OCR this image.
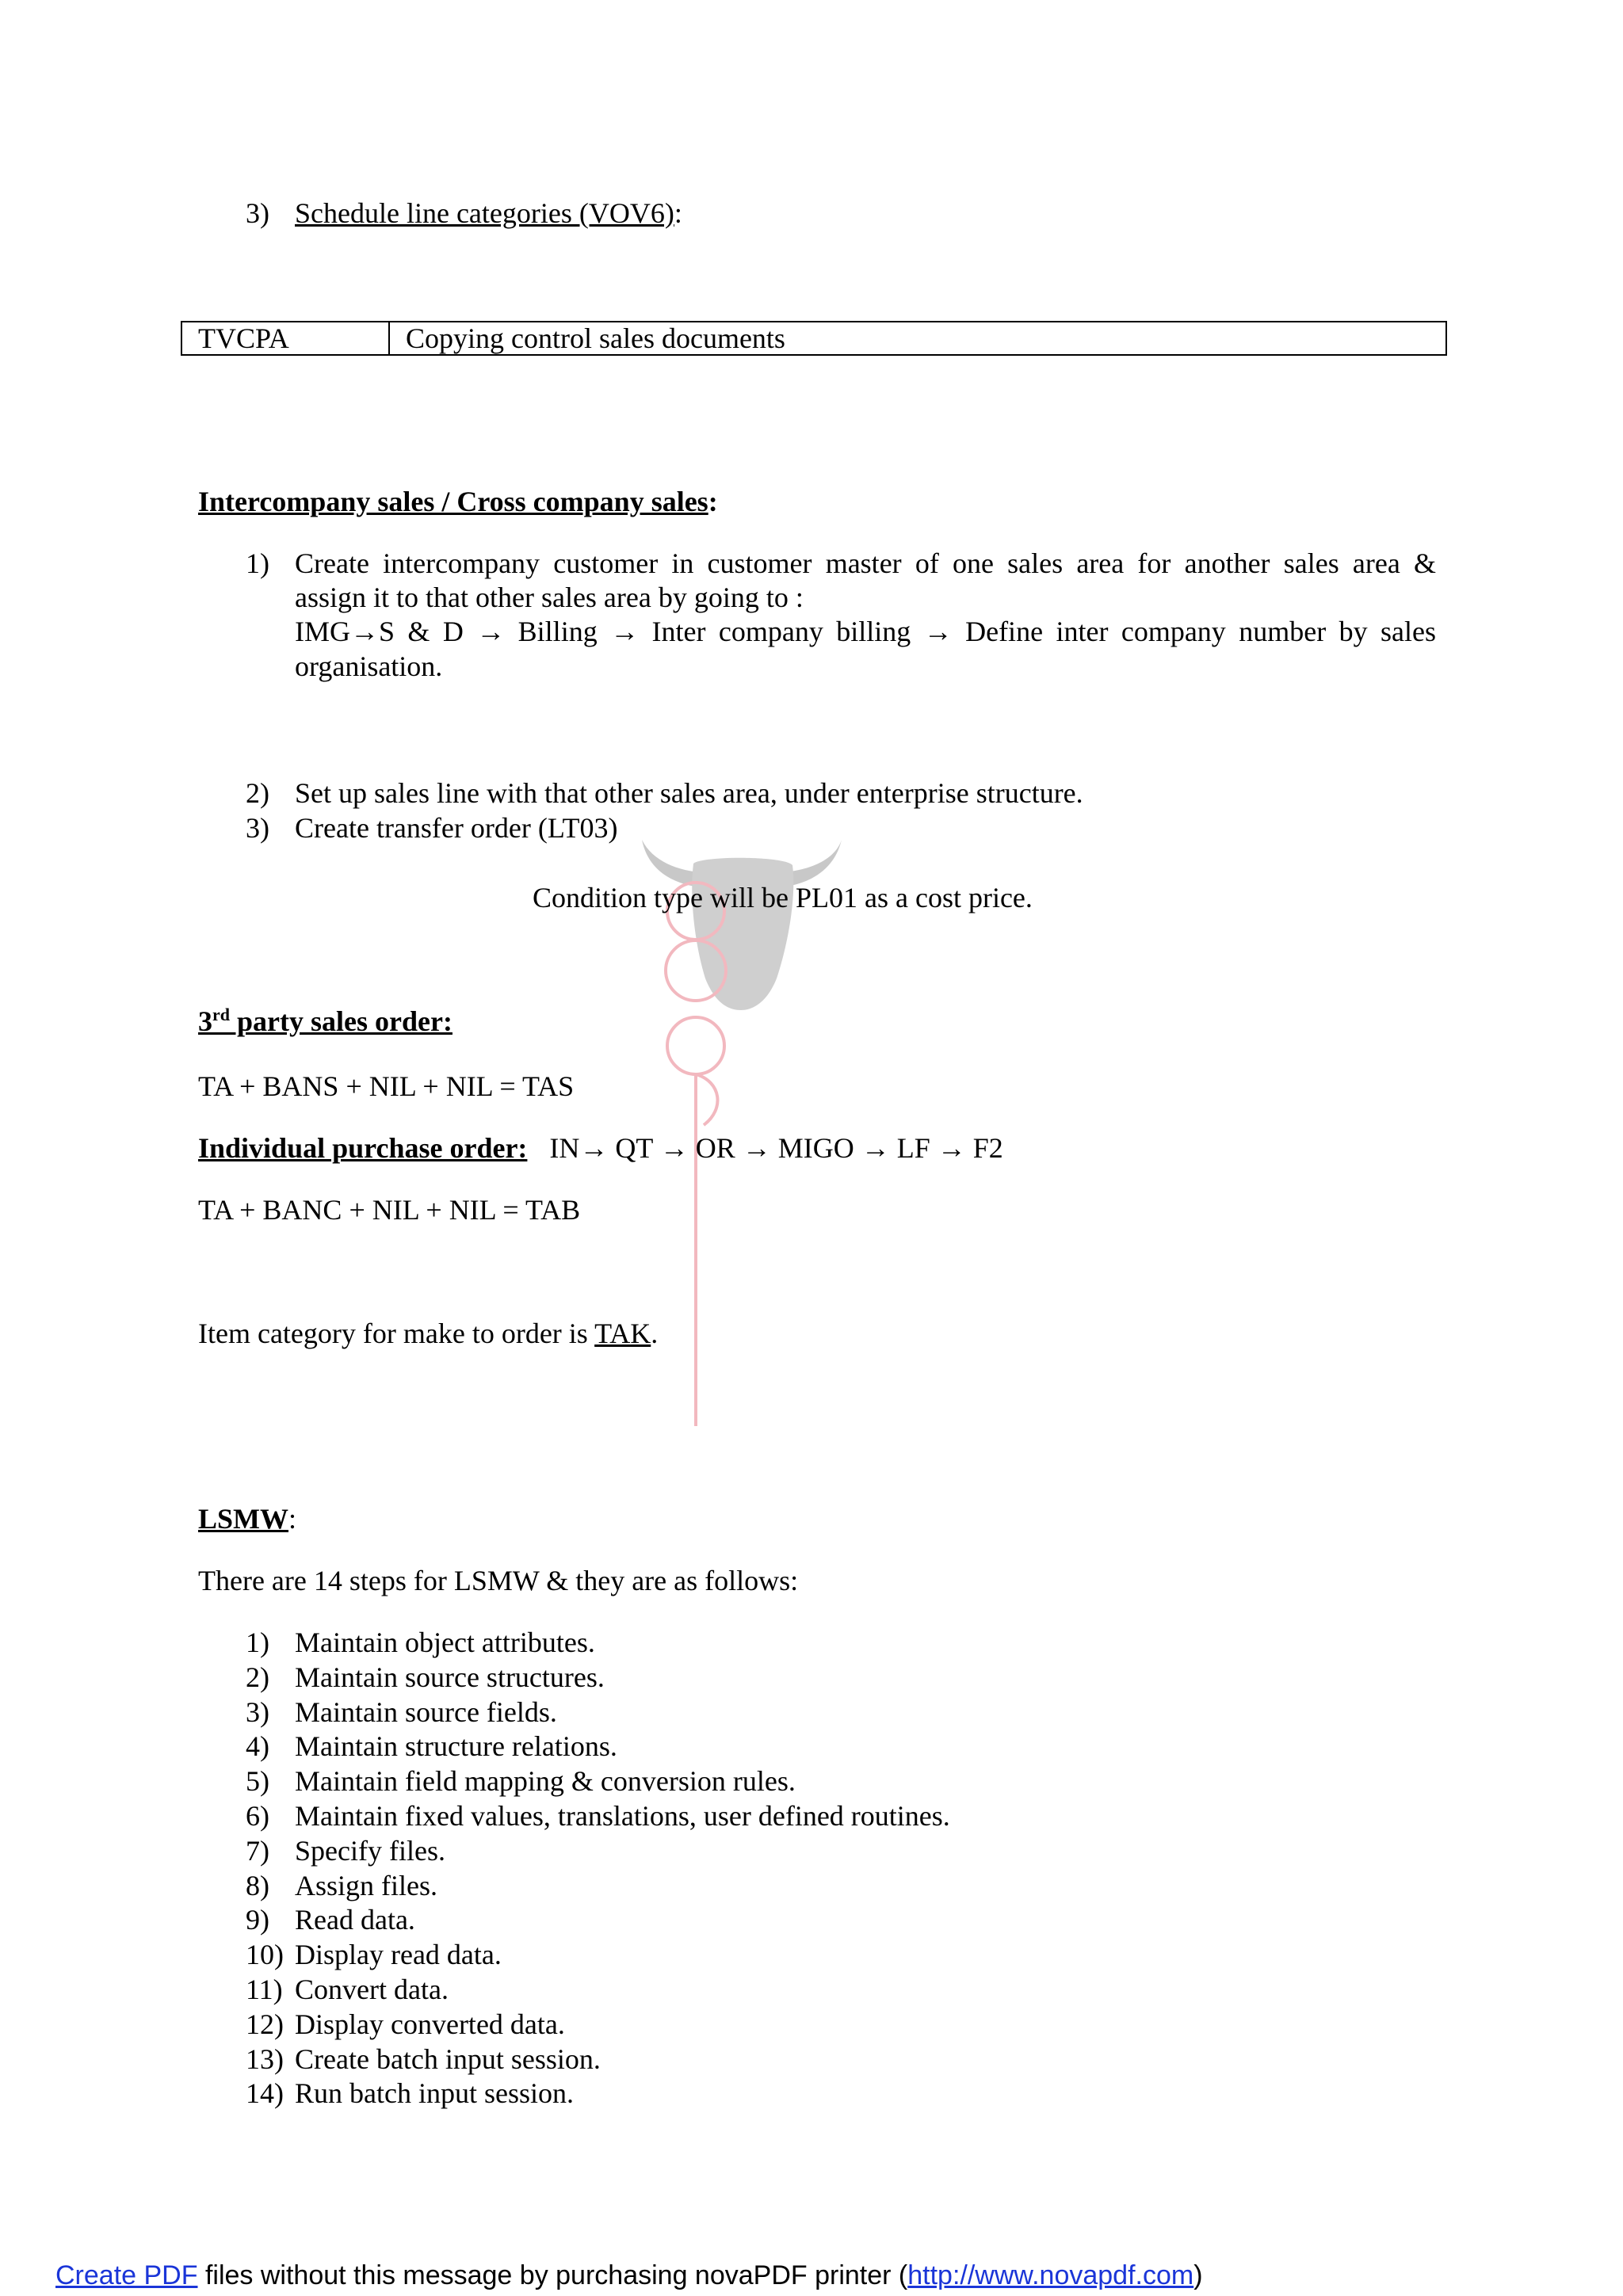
3) Schedule line categories (VOV6):
TVCPA	Copying control sales documents
Intercompany sales / Cross company sales:
1) Create intercompany customer in customer master of one sales area for another sales area &

assign it to that other sales area by going to :

IMG→S & D → Billing → Inter company billing → Define inter company number by sales

organisation.

2) Set up sales line with that other sales area, under enterprise structure.
3) Create transfer order (LT03)
Condition type will be PL01 as a cost price.
3rd party sales order:
TA + BANS + NIL + NIL = TAS
Individual purchase order: IN→ QT → OR → MIGO → LF → F2
TA + BANC + NIL + NIL = TAB
Item category for make to order is TAK.
LSMW:
There are 14 steps for LSMW & they are as follows:
1) Maintain object attributes.
2) Maintain source structures.
3) Maintain source fields.
4) Maintain structure relations.
5) Maintain field mapping & conversion rules.
6) Maintain fixed values, translations, user defined routines.
7) Specify files.
8) Assign files.
9) Read data.
10) Display read data.
11) Convert data.
12) Display converted data.
13) Create batch input session.
14) Run batch input session.
Create PDF files without this message by purchasing novaPDF printer (http://www.novapdf.com)
